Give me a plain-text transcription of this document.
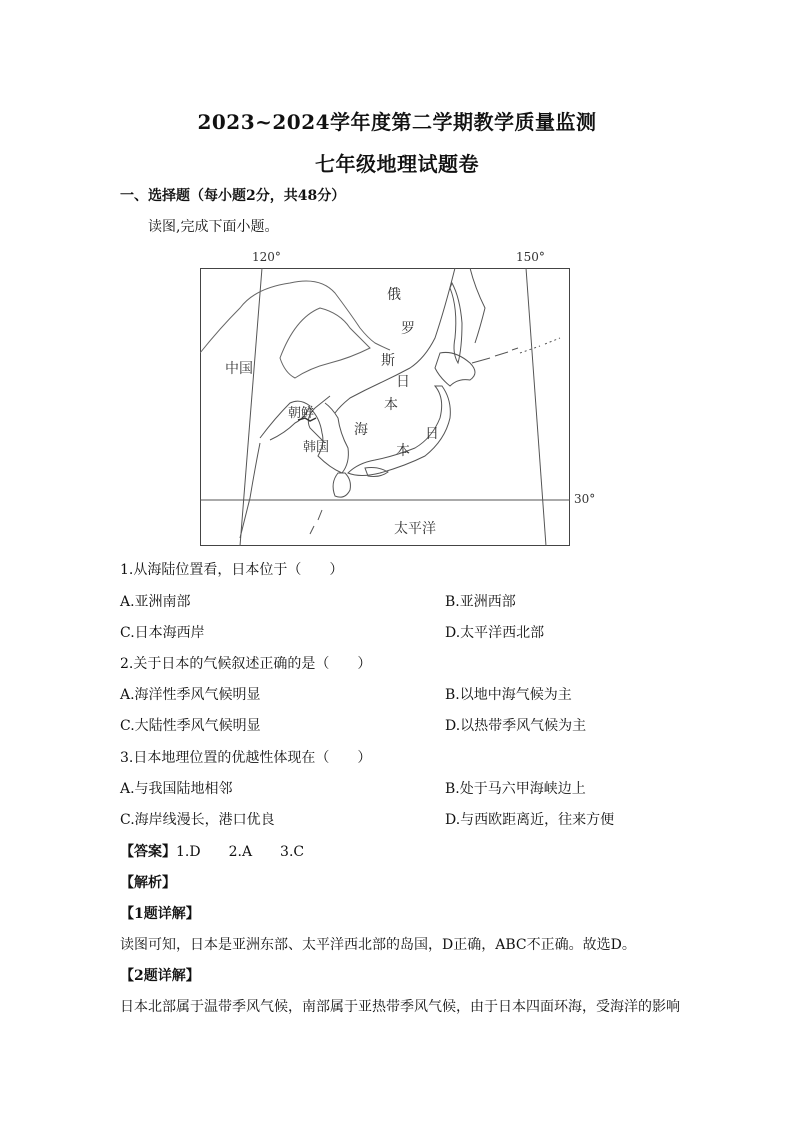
2023~2024学年度第二学期教学质量监测
七年级地理试题卷
一、选择题（每小题2分，共48分）
读图,完成下面小题。
120°	150°
30°
中国
俄
罗
斯
日
本
海	日
本
朝鲜
韩国
太平洋
1.从海陆位置看，日本位于（　　）
A.亚洲南部	B.亚洲西部
C.日本海西岸	D.太平洋西北部
2.关于日本的气候叙述正确的是（　　）
A.海洋性季风气候明显	B.以地中海气候为主
C.大陆性季风气候明显	D.以热带季风气候为主
3.日本地理位置的优越性体现在（　　）
A.与我国陆地相邻	B.处于马六甲海峡边上
C.海岸线漫长，港口优良	D.与西欧距离近，往来方便
【答案】1.D　　2.A　　3.C
【解析】
【1题详解】
读图可知，日本是亚洲东部、太平洋西北部的岛国，D正确，ABC不正确。故选D。
【2题详解】
日本北部属于温带季风气候，南部属于亚热带季风气候，由于日本四面环海，受海洋的影响
